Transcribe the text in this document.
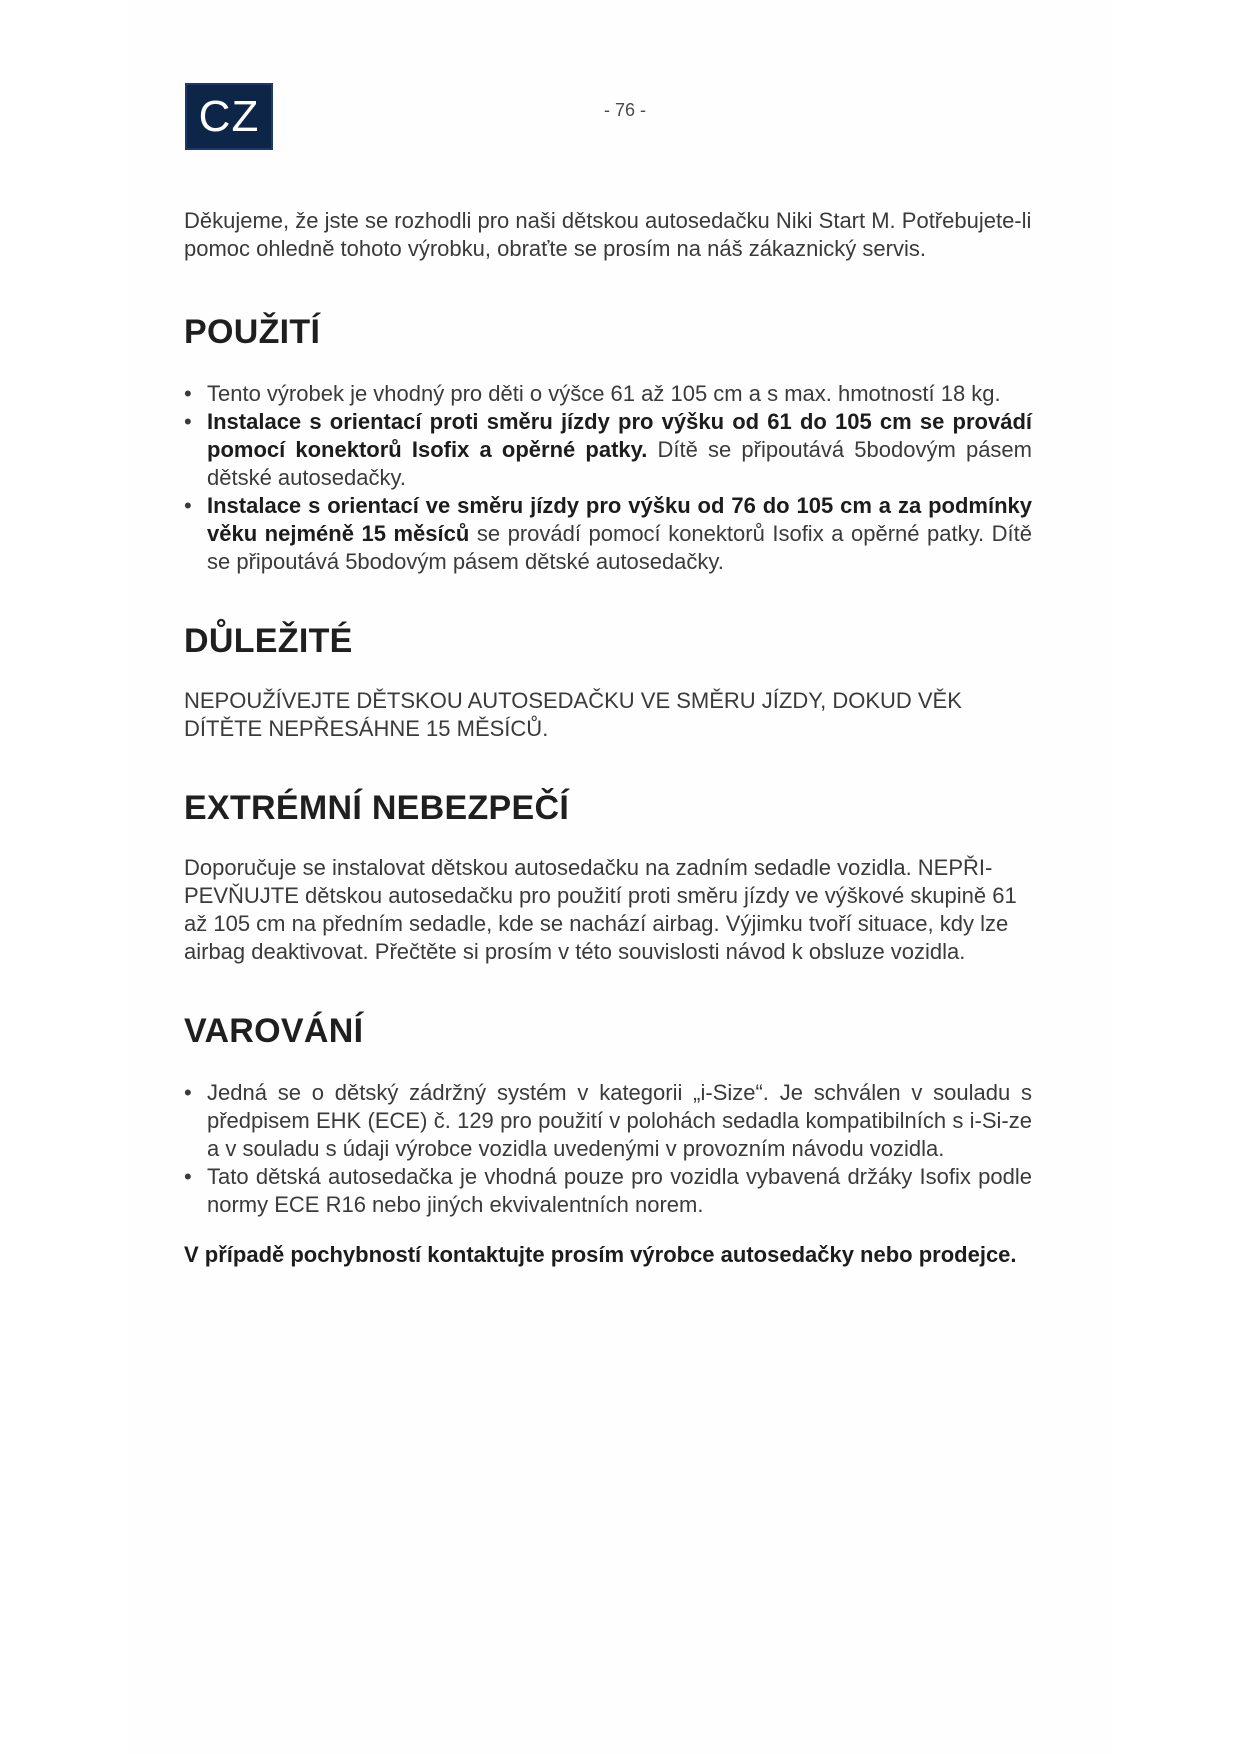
CZ	- 76 -

Děkujeme, že jste se rozhodli pro naši dětskou autosedačku Niki Start M. Potřebujete-li pomoc ohledně tohoto výrobku, obraťte se prosím na náš zákaznický servis.

POUŽITÍ
• Tento výrobek je vhodný pro děti o výšce 61 až 105 cm a s max. hmotností 18 kg.
• Instalace s orientací proti směru jízdy pro výšku od 61 do 105 cm se provádí pomocí konektorů Isofix a opěrné patky. Dítě se připoutává 5bodovým pásem dětské autosedačky.
• Instalace s orientací ve směru jízdy pro výšku od 76 do 105 cm a za podmínky věku nejméně 15 měsíců se provádí pomocí konektorů Isofix a opěrné patky. Dítě se připoutává 5bodovým pásem dětské autosedačky.
DŮLEŽITÉ

NEPOUŽÍVEJTE DĚTSKOU AUTOSEDAČKU VE SMĚRU JÍZDY, DOKUD VĚK DÍTĚTE NEPŘESÁHNE 15 MĚSÍCŮ.

EXTRÉMNÍ NEBEZPEČÍ

Doporučuje se instalovat dětskou autosedačku na zadním sedadle vozidla. NEPŘI-PEVŇUJTE dětskou autosedačku pro použití proti směru jízdy ve výškové skupině 61 až 105 cm na předním sedadle, kde se nachází airbag. Výjimku tvoří situace, kdy lze airbag deaktivovat. Přečtěte si prosím v této souvislosti návod k obsluze vozidla.

VAROVÁNÍ
• Jedná se o dětský zádržný systém v kategorii „i-Size“. Je schválen v souladu s předpisem EHK (ECE) č. 129 pro použití v polohách sedadla kompatibilních s i-Si-ze a v souladu s údaji výrobce vozidla uvedenými v provozním návodu vozidla.
• Tato dětská autosedačka je vhodná pouze pro vozidla vybavená držáky Isofix podle normy ECE R16 nebo jiných ekvivalentních norem.

V případě pochybností kontaktujte prosím výrobce autosedačky nebo prodejce.
